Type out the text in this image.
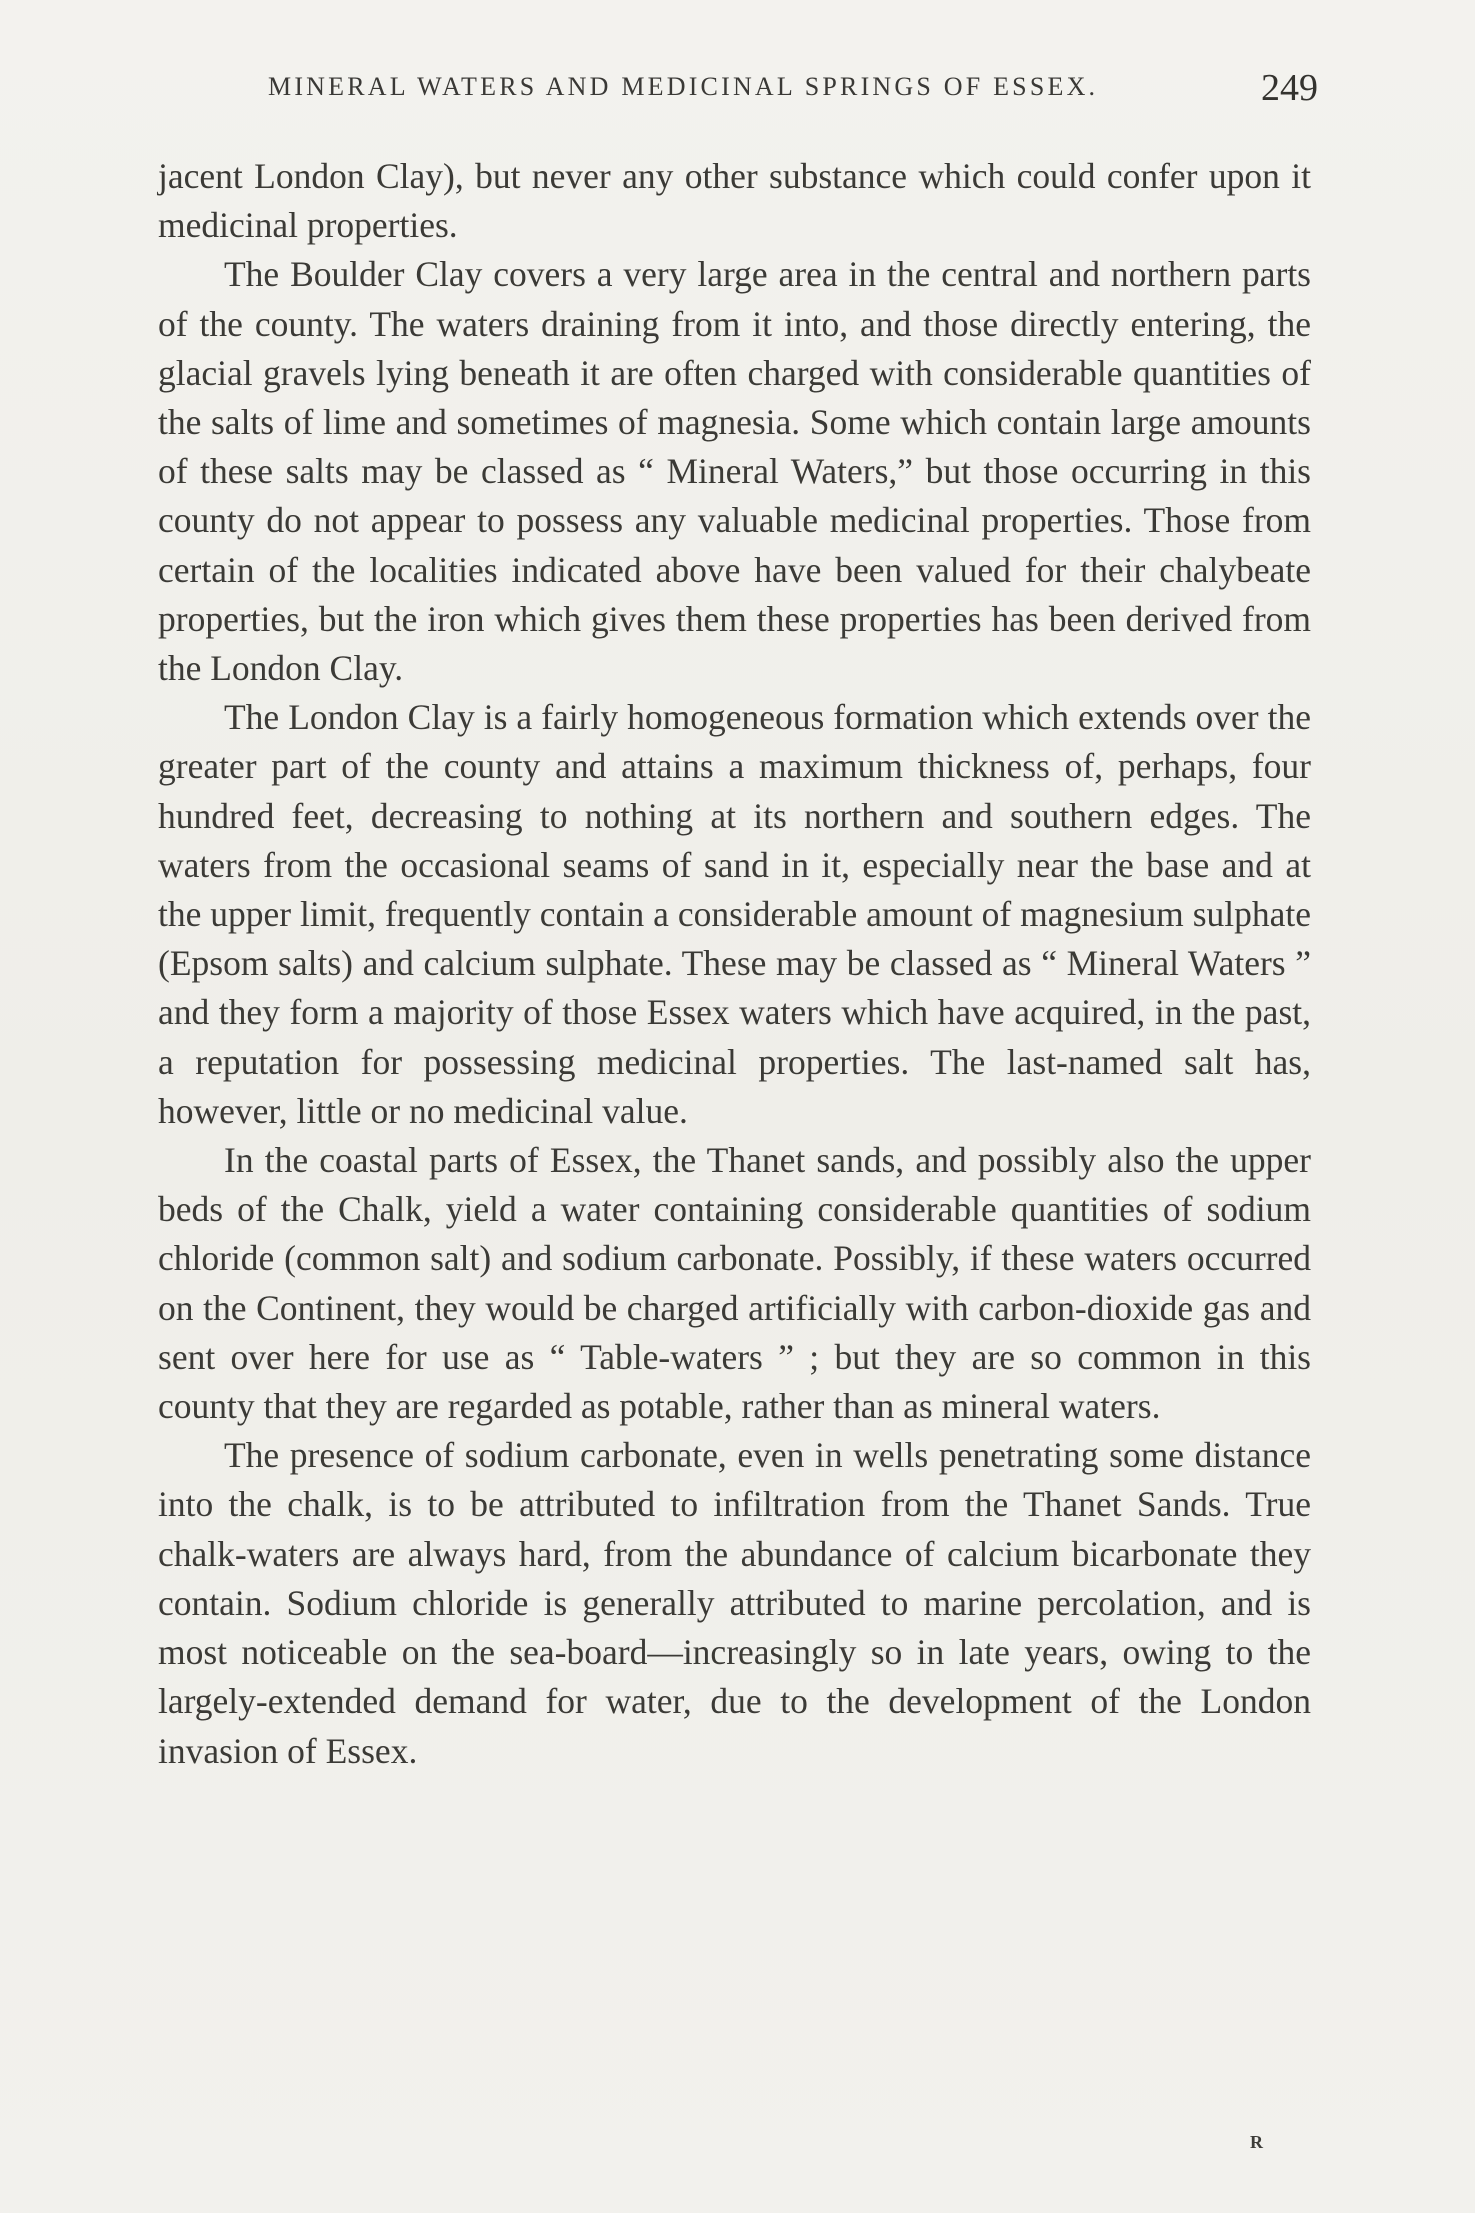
MINERAL WATERS AND MEDICINAL SPRINGS OF ESSEX.	249

jacent London Clay), but never any other substance which could confer upon it medicinal properties.

The Boulder Clay covers a very large area in the central and northern parts of the county. The waters draining from it into, and those directly entering, the glacial gravels lying beneath it are often charged with considerable quantities of the salts of lime and sometimes of magnesia. Some which contain large amounts of these salts may be classed as “ Mineral Waters,” but those occurring in this county do not appear to possess any valuable medicinal properties. Those from certain of the localities indicated above have been valued for their chalybeate properties, but the iron which gives them these properties has been derived from the London Clay.

The London Clay is a fairly homogeneous formation which extends over the greater part of the county and attains a maximum thickness of, perhaps, four hundred feet, decreasing to nothing at its northern and southern edges. The waters from the occasional seams of sand in it, especially near the base and at the upper limit, frequently contain a considerable amount of magnesium sulphate (Epsom salts) and calcium sulphate. These may be classed as “ Mineral Waters ” and they form a majority of those Essex waters which have acquired, in the past, a reputation for possessing medicinal properties. The last-named salt has, however, little or no medicinal value.

In the coastal parts of Essex, the Thanet sands, and possibly also the upper beds of the Chalk, yield a water containing considerable quantities of sodium chloride (common salt) and sodium carbonate. Possibly, if these waters occurred on the Continent, they would be charged artificially with carbon-dioxide gas and sent over here for use as “ Table-waters ” ; but they are so common in this county that they are regarded as potable, rather than as mineral waters.

The presence of sodium carbonate, even in wells penetrating some distance into the chalk, is to be attributed to infiltration from the Thanet Sands. True chalk-waters are always hard, from the abundance of calcium bicarbonate they contain. Sodium chloride is generally attributed to marine percolation, and is most noticeable on the sea-board—increasingly so in late years, owing to the largely-extended demand for water, due to the development of the London invasion of Essex.

R
